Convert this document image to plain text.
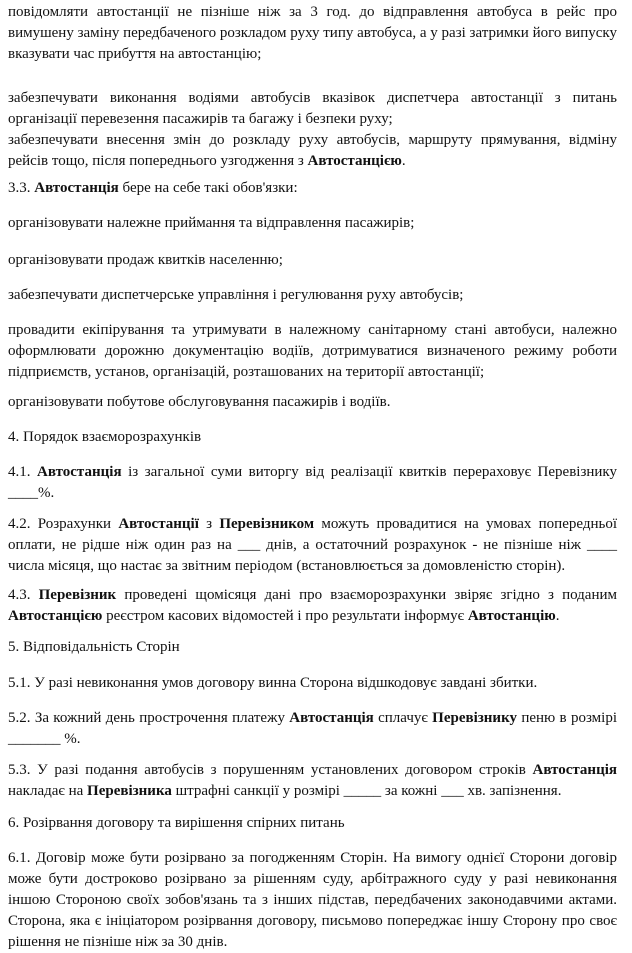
повідомляти автостанції не пізніше ніж за 3 год. до відправлення автобуса в рейс про вимушену заміну передбаченого розкладом руху типу автобуса, а у разі затримки його випуску вказувати час прибуття на автостанцію;

забезпечувати виконання водіями автобусів вказівок диспетчера автостанції з питань організації перевезення пасажирів та багажу і безпеки руху;

забезпечувати внесення змін до розкладу руху автобусів, маршруту прямування, відміну рейсів тощо, після попереднього узгодження з Автостанцією.

3.3. Автостанція бере на себе такі обов'язки:

організовувати належне приймання та відправлення пасажирів;

організовувати продаж квитків населенню;

забезпечувати диспетчерське управління і регулювання руху автобусів;

провадити екіпірування та утримувати в належному санітарному стані автобуси, належно оформлювати дорожню документацію водіїв, дотримуватися визначеного режиму роботи підприємств, установ, організацій, розташованих на території автостанції;

організовувати побутове обслуговування пасажирів і водіїв.

4. Порядок взаєморозрахунків

4.1. Автостанція із загальної суми виторгу від реалізації квитків перераховує Перевізнику ____%.

4.2. Розрахунки Автостанції з Перевізником можуть провадитися на умовах попередньої оплати, не рідше ніж один раз на ___ днів, а остаточний розрахунок - не пізніше ніж ____ числа місяця, що настає за звітним періодом (встановлюється за домовленістю сторін).

4.3. Перевізник проведені щомісяця дані про взаєморозрахунки звіряє згідно з поданим Автостанцією реєстром касових відомостей і про результати інформує Автостанцію.

5. Відповідальність Сторін

5.1. У разі невиконання умов договору винна Сторона відшкодовує завдані збитки.

5.2. За кожний день прострочення платежу Автостанція сплачує Перевізнику пеню в розмірі _______ %.

5.3. У разі подання автобусів з порушенням установлених договором строків Автостанція накладає на Перевізника штрафні санкції у розмірі _____ за кожні ___ хв. запізнення.

6. Розірвання договору та вирішення спірних питань

6.1. Договір може бути розірвано за погодженням Сторін. На вимогу однієї Сторони договір може бути достроково розірвано за рішенням суду, арбітражного суду у разі невиконання іншою Стороною своїх зобов'язань та з інших підстав, передбачених законодавчими актами. Сторона, яка є ініціатором розірвання договору, письмово попереджає іншу Сторону про своє рішення не пізніше ніж за 30 днів.
